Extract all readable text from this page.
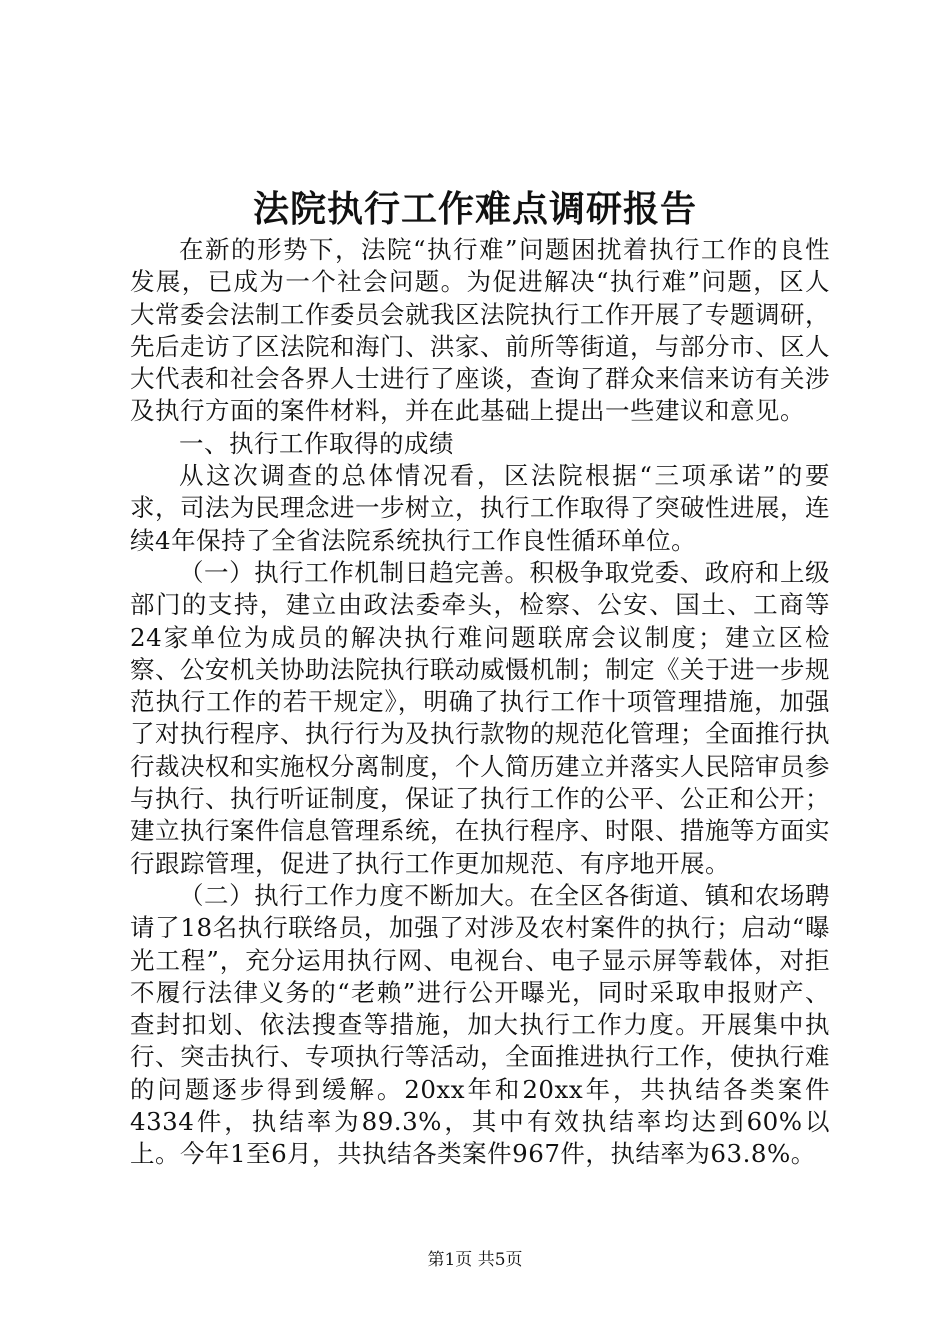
法院执行工作难点调研报告

在新的形势下，法院“执行难”问题困扰着执行工作的良性发展，已成为一个社会问题。为促进解决“执行难”问题，区人大常委会法制工作委员会就我区法院执行工作开展了专题调研，先后走访了区法院和海门、洪家、前所等街道，与部分市、区人大代表和社会各界人士进行了座谈，查询了群众来信来访有关涉及执行方面的案件材料，并在此基础上提出一些建议和意见。

一、执行工作取得的成绩

从这次调查的总体情况看，区法院根据“三项承诺”的要求，司法为民理念进一步树立，执行工作取得了突破性进展，连续4年保持了全省法院系统执行工作良性循环单位。

（一）执行工作机制日趋完善。积极争取党委、政府和上级部门的支持，建立由政法委牵头，检察、公安、国土、工商等24家单位为成员的解决执行难问题联席会议制度；建立区检察、公安机关协助法院执行联动威慑机制；制定《关于进一步规范执行工作的若干规定》，明确了执行工作十项管理措施，加强了对执行程序、执行行为及执行款物的规范化管理；全面推行执行裁决权和实施权分离制度，个人简历建立并落实人民陪审员参与执行、执行听证制度，保证了执行工作的公平、公正和公开；建立执行案件信息管理系统，在执行程序、时限、措施等方面实行跟踪管理，促进了执行工作更加规范、有序地开展。

（二）执行工作力度不断加大。在全区各街道、镇和农场聘请了18名执行联络员，加强了对涉及农村案件的执行；启动“曝光工程”，充分运用执行网、电视台、电子显示屏等载体，对拒不履行法律义务的“老赖”进行公开曝光，同时采取申报财产、查封扣划、依法搜查等措施，加大执行工作力度。开展集中执行、突击执行、专项执行等活动，全面推进执行工作，使执行难的问题逐步得到缓解。20xx年和20xx年，共执结各类案件4334件，执结率为89.3%，其中有效执结率均达到60%以上。今年1至6月，共执结各类案件967件，执结率为63.8%。

第1页 共5页
